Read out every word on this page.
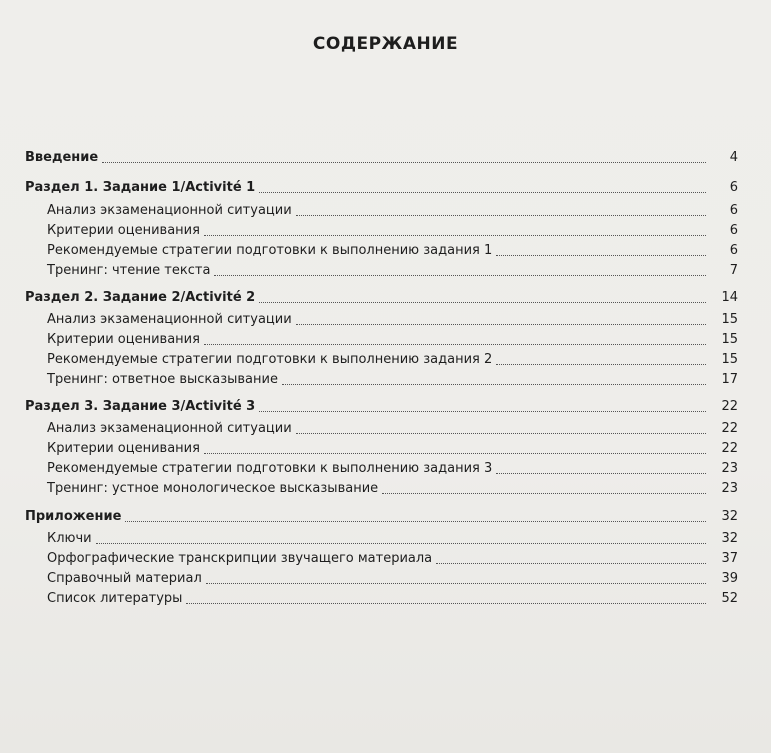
СОДЕРЖАНИЕ
Введение	4
Раздел 1. Задание 1/Activité 1	6
Анализ экзаменационной ситуации	6
Критерии оценивания	6
Рекомендуемые стратегии подготовки к выполнению задания 1	6
Тренинг: чтение текста	7
Раздел 2. Задание 2/Activité 2	14
Анализ экзаменационной ситуации	15
Критерии оценивания	15
Рекомендуемые стратегии подготовки к выполнению задания 2	15
Тренинг: ответное высказывание	17
Раздел 3. Задание 3/Activité 3	22
Анализ экзаменационной ситуации	22
Критерии оценивания	22
Рекомендуемые стратегии подготовки к выполнению задания 3	23
Тренинг: устное монологическое высказывание	23
Приложение	32
Ключи	32
Орфографические транскрипции звучащего материала	37
Справочный материал	39
Список литературы	52
